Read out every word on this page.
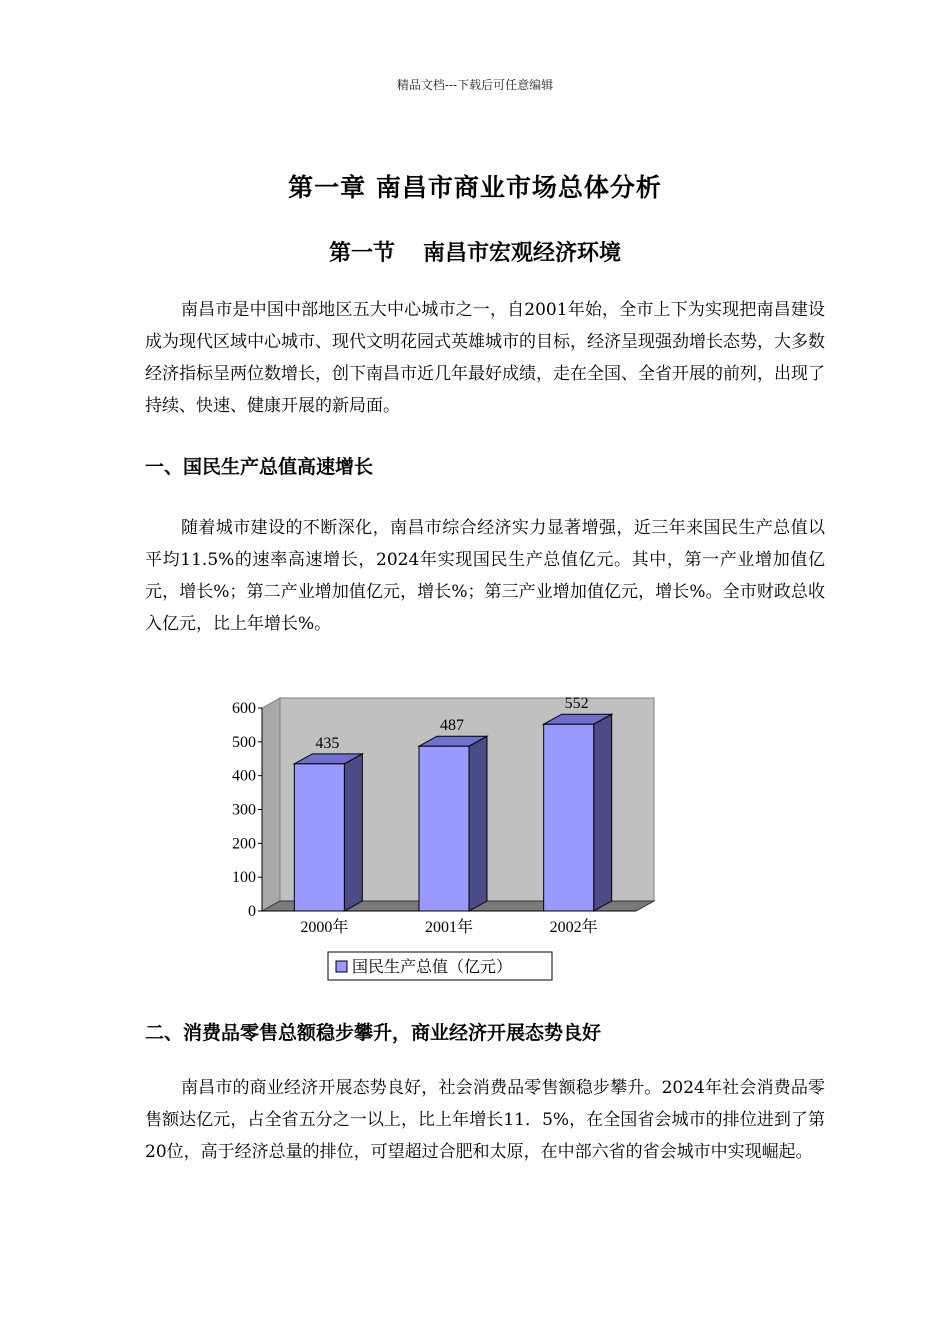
精品文档---下载后可任意编辑
第一章 南昌市商业市场总体分析
第一节 南昌市宏观经济环境

南昌市是中国中部地区五大中心城市之一，自2001年始，全市上下为实现把南昌建设成为现代区域中心城市、现代文明花园式英雄城市的目标，经济呈现强劲增长态势，大多数经济指标呈两位数增长，创下南昌市近几年最好成绩，走在全国、全省开展的前列，出现了持续、快速、健康开展的新局面。

一、国民生产总值高速增长

随着城市建设的不断深化，南昌市综合经济实力显著增强，近三年来国民生产总值以平均11.5%的速率高速增长，2024年实现国民生产总值亿元。其中，第一产业增加值亿元，增长%；第二产业增加值亿元，增长%；第三产业增加值亿元，增长%。全市财政总收入亿元，比上年增长%。

0
100
200
300
400
500
600
435
2000年
487
2001年
552
2002年
国民生产总值（亿元）
二、消费品零售总额稳步攀升，商业经济开展态势良好

南昌市的商业经济开展态势良好，社会消费品零售额稳步攀升。2024年社会消费品零售额达亿元，占全省五分之一以上，比上年增长11．5%，在全国省会城市的排位进到了第20位，高于经济总量的排位，可望超过合肥和太原，在中部六省的省会城市中实现崛起。
